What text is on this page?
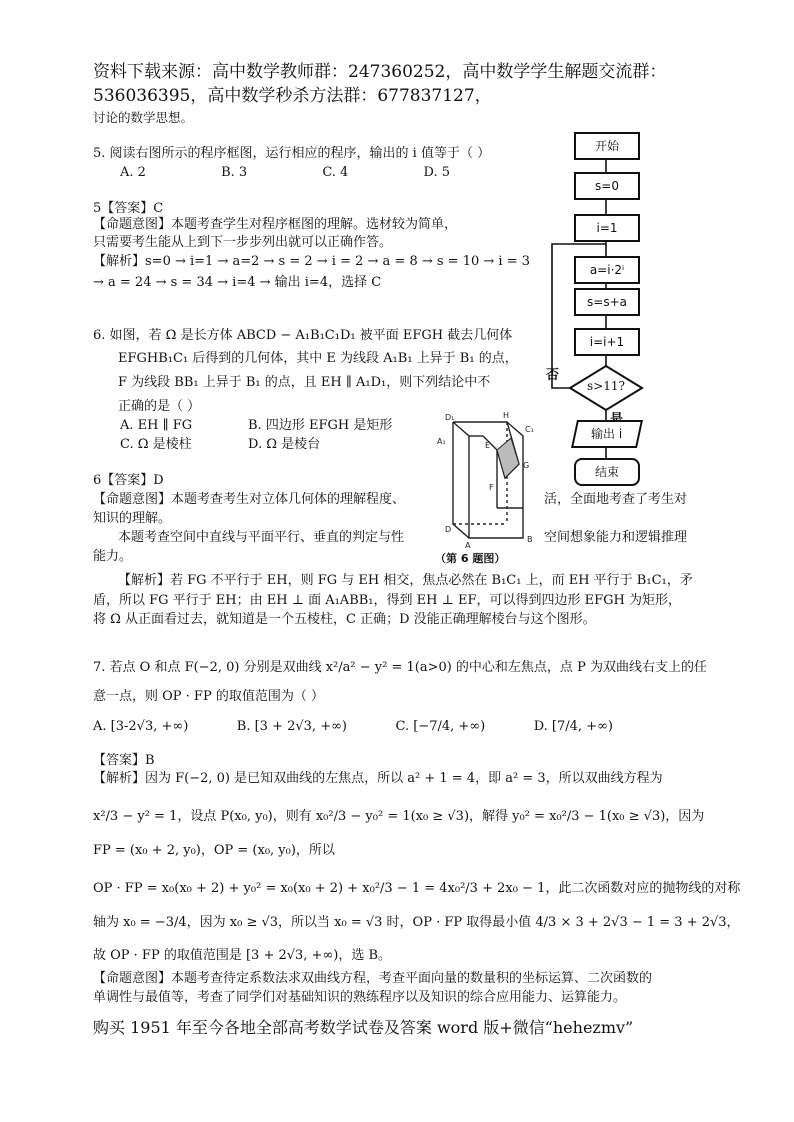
资料下载来源：高中数学教师群：247360252，高中数学学生解题交流群：
536036395，高中数学秒杀方法群：677837127，
讨论的数学思想。
5. 阅读右图所示的程序框图，运行相应的程序，输出的 i 值等于（ ）
A. 2	B. 3	C. 4	D. 5
5【答案】C
【命题意图】本题考查学生对程序框图的理解。选材较为简单，
只需要考生能从上到下一步步列出就可以正确作答。
【解析】s=0 → i=1 → a=2 → s = 2 → i = 2 → a = 8 → s = 10 → i = 3
→ a = 24 → s = 34 → i=4 → 输出 i=4，选择 C
开始
s=0
i=1
a=i·2ⁱ
s=s+a
i=i+1
s>11?
否
输出 i
结束
6. 如图，若 Ω 是长方体 ABCD − A₁B₁C₁D₁ 被平面 EFGH 截去几何体
EFGHB₁C₁ 后得到的几何体，其中 E 为线段 A₁B₁ 上异于 B₁ 的点，
F 为线段 BB₁ 上异于 B₁ 的点，且 EH ∥ A₁D₁，则下列结论中不
正确的是（ ）
A. EH ∥ FG	B. 四边形 EFGH 是矩形
C. Ω 是棱柱	D. Ω 是棱台
D₁	H
C₁
A₁	E
G
F
D
A
B
（第 6 题图）
6【答案】D
【命题意图】本题考查考生对立体几何体的理解程度、	活，全面地考查了考生对
知识的理解。
本题考查空间中直线与平面平行、垂直的判定与性	空间想象能力和逻辑推理
能力。
【解析】若 FG 不平行于 EH，则 FG 与 EH 相交，焦点必然在 B₁C₁ 上，而 EH 平行于 B₁C₁，矛
盾，所以 FG 平行于 EH；由 EH ⊥ 面 A₁ABB₁，得到 EH ⊥ EF，可以得到四边形 EFGH 为矩形，
将 Ω 从正面看过去，就知道是一个五棱柱，C 正确；D 没能正确理解棱台与这个图形。
7. 若点 O 和点 F(−2, 0) 分别是双曲线 x²/a² − y² = 1(a>0) 的中心和左焦点，点 P 为双曲线右支上的任
意一点，则 OP · FP 的取值范围为（ ）
A. [3-2√3, +∞)	B. [3 + 2√3, +∞)	C. [−7/4, +∞)	D. [7/4, +∞)
【答案】B
【解析】因为 F(−2, 0) 是已知双曲线的左焦点，所以 a² + 1 = 4，即 a² = 3，所以双曲线方程为
x²/3 − y² = 1，设点 P(x₀, y₀)，则有 x₀²/3 − y₀² = 1(x₀ ≥ √3)，解得 y₀² = x₀²/3 − 1(x₀ ≥ √3)，因为
FP = (x₀ + 2, y₀)，OP = (x₀, y₀)，所以
OP · FP = x₀(x₀ + 2) + y₀² = x₀(x₀ + 2) + x₀²/3 − 1 = 4x₀²/3 + 2x₀ − 1，此二次函数对应的抛物线的对称
轴为 x₀ = −3/4，因为 x₀ ≥ √3，所以当 x₀ = √3 时，OP · FP 取得最小值 4/3 × 3 + 2√3 − 1 = 3 + 2√3，
故 OP · FP 的取值范围是 [3 + 2√3, +∞)，选 B。
【命题意图】本题考查待定系数法求双曲线方程，考查平面向量的数量积的坐标运算、二次函数的
单调性与最值等，考查了同学们对基础知识的熟练程序以及知识的综合应用能力、运算能力。
购买 1951 年至今各地全部高考数学试卷及答案 word 版+微信“hehezmv”
